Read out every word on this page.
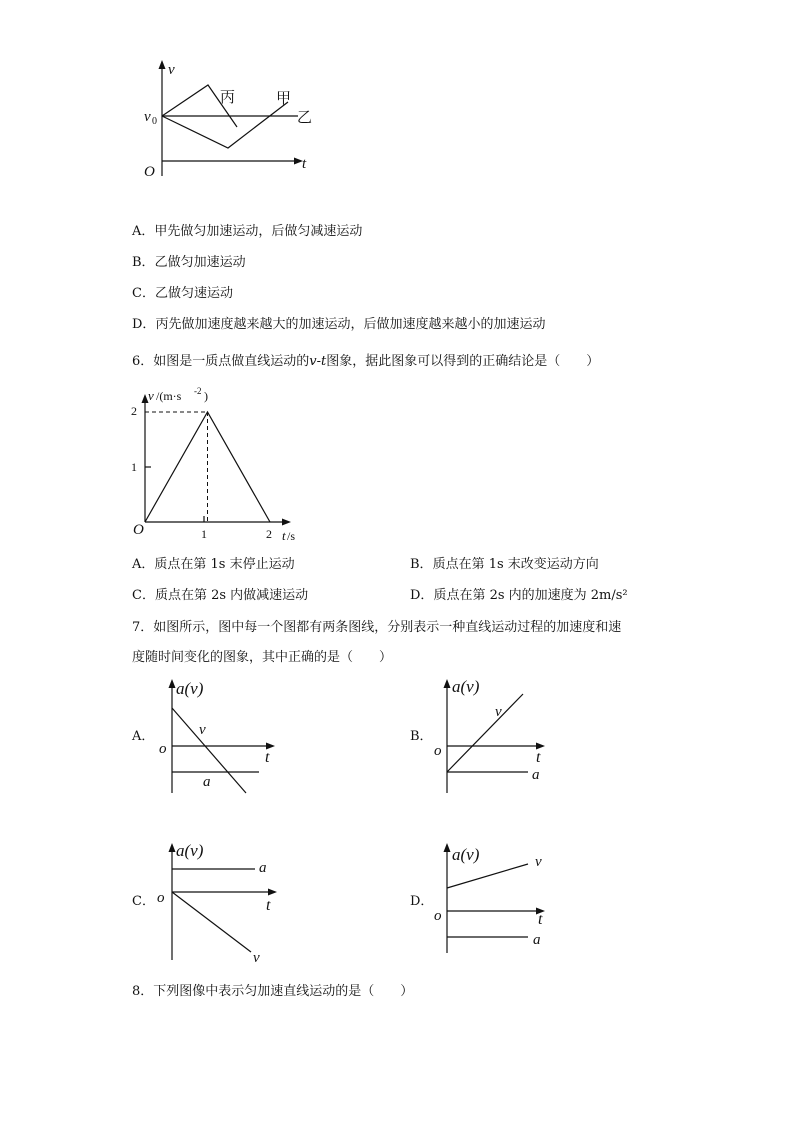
v
t
O
v 0
丙	甲
乙
A．甲先做匀加速运动，后做匀减速运动
B．乙做匀加速运动
C．乙做匀速运动
D．丙先做加速度越来越大的加速运动，后做加速度越来越小的加速运动
6．如图是一质点做直线运动的v-t图象，据此图象可以得到的正确结论是（　　）
v /(m·s -2 )
O	t /s
2
1
1	2
A．质点在第 1s 末停止运动	B．质点在第 1s 末改变运动方向
C．质点在第 2s 内做减速运动	D．质点在第 2s 内的加速度为 2m/s²
7．如图所示，图中每一个图都有两条图线，分别表示一种直线运动过程的加速度和速
度随时间变化的图象，其中正确的是（　　）
A．
a(v)
o	t
v
a
B．
a(v)
o	t
v
a
C．
a(v)
o	t
a
v
D．
a(v)
o	t
v
a
8．下列图像中表示匀加速直线运动的是（　　）
